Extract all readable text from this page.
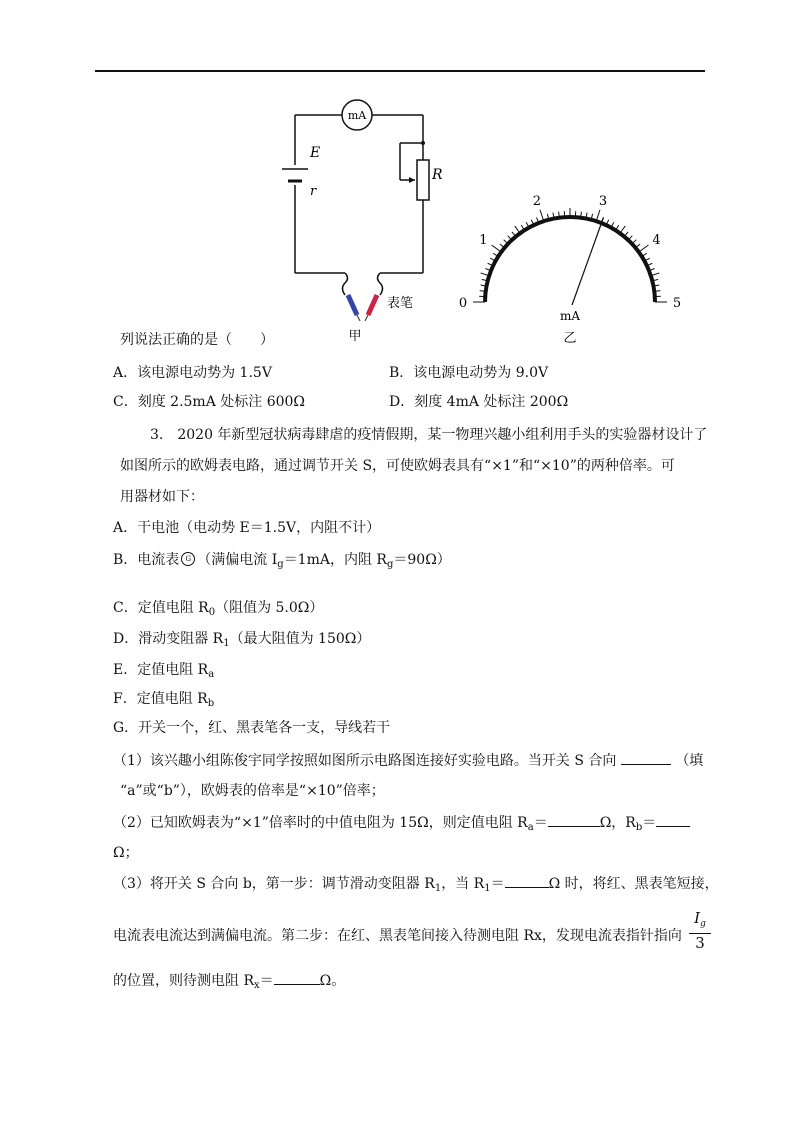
mA
E
r
R
表笔
甲
0
1
2	3
4
5
mA
乙
列说法正确的是（　　）
A．该电源电动势为 1.5V	B．该电源电动势为 9.0V
C．刻度 2.5mA 处标注 600Ω	D．刻度 4mA 处标注 200Ω
3.　2020 年新型冠状病毒肆虐的疫情假期，某一物理兴趣小组利用手头的实验器材设计了
如图所示的欧姆表电路，通过调节开关 S，可使欧姆表具有“×1”和“×10”的两种倍率。可
用器材如下：
A．干电池（电动势 E＝1.5V，内阻不计）
B．电流表 G （满偏电流 $I_g=1mA$，内阻 $R_g=90\Omega$）
C．定值电阻 $R_0$（阻值为 5.0Ω）
D．滑动变阻器 $R_1$（最大阻值为 150Ω）
E．定值电阻 $R_a$
F．定值电阻 $R_b$
G．开关一个，红、黑表笔各一支，导线若干
（1）该兴趣小组陈俊宇同学按照如图所示电路图连接好实验电路。当开关 S 合向	（填
“a”或“b”），欧姆表的倍率是“×10”倍率；
（2）已知欧姆表为“×1”倍率时的中值电阻为 15Ω，则定值电阻 $R_a=$	Ω，$R_b=$
Ω；
（3）将开关 S 合向 b，第一步：调节滑动变阻器 $R_1$，当 $R_1=$	Ω 时，将红、黑表笔短接，
电流表电流达到满偏电流。第二步：在红、黑表笔间接入待测电阻 Rx，发现电流表指针指向 $\frac{I_g}{3}$
的位置，则待测电阻 $R_x=$	Ω。
